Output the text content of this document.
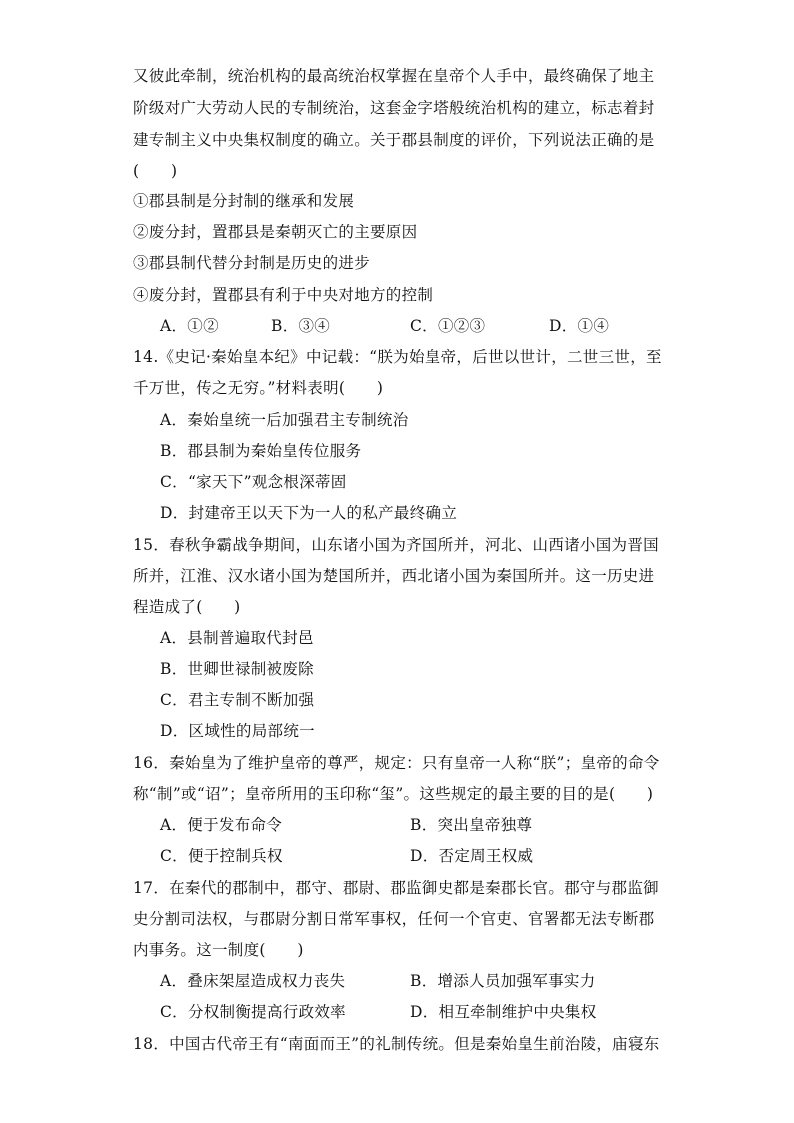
又彼此牵制，统治机构的最高统治权掌握在皇帝个人手中，最终确保了地主
阶级对广大劳动人民的专制统治，这套金字塔般统治机构的建立，标志着封
建专制主义中央集权制度的确立。关于郡县制度的评价，下列说法正确的是
(　　)
①郡县制是分封制的继承和发展
②废分封，置郡县是秦朝灭亡的主要原因
③郡县制代替分封制是历史的进步
④废分封，置郡县有利于中央对地方的控制
A．①②	B．③④	C．①②③	D．①④
14.《史记·秦始皇本纪》中记载：“朕为始皇帝，后世以世计，二世三世，至
千万世，传之无穷。”材料表明(　　)
A．秦始皇统一后加强君主专制统治
B．郡县制为秦始皇传位服务
C．“家天下”观念根深蒂固
D．封建帝王以天下为一人的私产最终确立
15．春秋争霸战争期间，山东诸小国为齐国所并，河北、山西诸小国为晋国
所并，江淮、汉水诸小国为楚国所并，西北诸小国为秦国所并。这一历史进
程造成了(　　)
A．县制普遍取代封邑
B．世卿世禄制被废除
C．君主专制不断加强
D．区域性的局部统一
16．秦始皇为了维护皇帝的尊严，规定：只有皇帝一人称“朕”；皇帝的命令
称“制”或“诏”；皇帝所用的玉印称“玺”。这些规定的最主要的目的是(　　)
A．便于发布命令	B．突出皇帝独尊
C．便于控制兵权	D．否定周王权威
17．在秦代的郡制中，郡守、郡尉、郡监御史都是秦郡长官。郡守与郡监御
史分割司法权，与郡尉分割日常军事权，任何一个官吏、官署都无法专断郡
内事务。这一制度(　　)
A．叠床架屋造成权力丧失	B．增添人员加强军事实力
C．分权制衡提高行政效率	D．相互牵制维护中央集权
18．中国古代帝王有“南面而王”的礼制传统。但是秦始皇生前治陵，庙寝东
